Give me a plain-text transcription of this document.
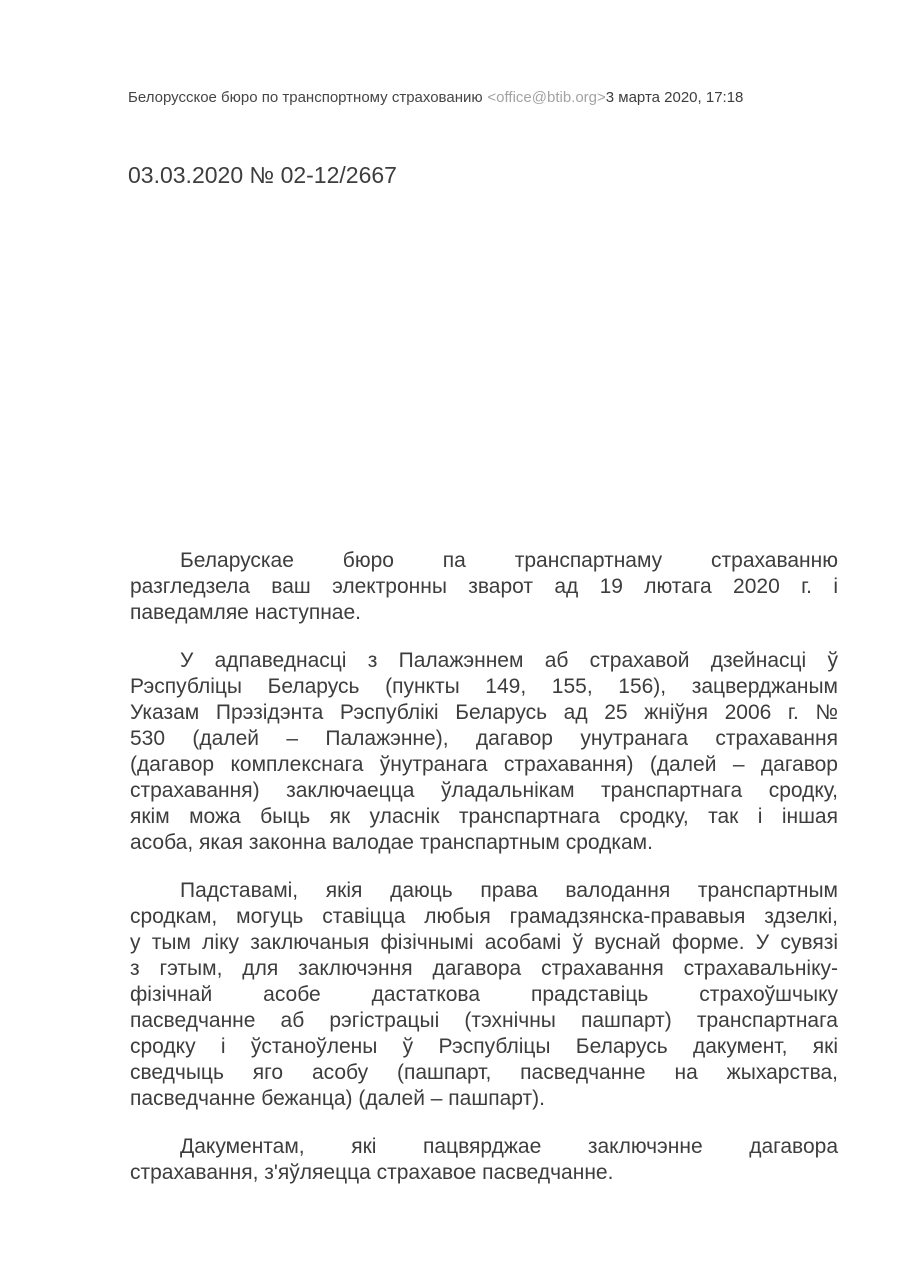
Белорусское бюро по транспортному страхованию <office@btib.org>3 марта 2020, 17:18
03.03.2020 № 02-12/2667
Беларускае бюро па транспартнаму страхаванню
разгледзела ваш электронны зварот ад 19 лютага 2020 г. і
паведамляе наступнае.
У адпаведнасці з Палажэннем аб страхавой дзейнасці ў
Рэспубліцы Беларусь (пункты 149, 155, 156), зацверджаным
Указам Прэзідэнта Рэспублікі Беларусь ад 25 жніўня 2006 г. №
530 (далей – Палажэнне), дагавор унутранага страхавання
(дагавор комплекснага ўнутранага страхавання) (далей – дагавор
страхавання) заключаецца ўладальнікам транспартнага сродку,
якім можа быць як уласнік транспартнага сродку, так і іншая
асоба, якая законна валодае транспартным сродкам.
Падставамі, якія даюць права валодання транспартным
сродкам, могуць ставіцца любыя грамадзянска-прававыя здзелкі,
у тым ліку заключаныя фізічнымі асобамі ў вуснай форме. У сувязі
з гэтым, для заключэння дагавора страхавання страхавальніку-
фізічнай асобе дастаткова прадставіць страхоўшчыку
пасведчанне аб рэгістрацыі (тэхнічны пашпарт) транспартнага
сродку і ўстаноўлены ў Рэспубліцы Беларусь дакумент, які
сведчыць яго асобу (пашпарт, пасведчанне на жыхарства,
пасведчанне бежанца) (далей – пашпарт).
Дакументам, які пацвярджае заключэнне дагавора
страхавання, з'яўляецца страхавое пасведчанне.
